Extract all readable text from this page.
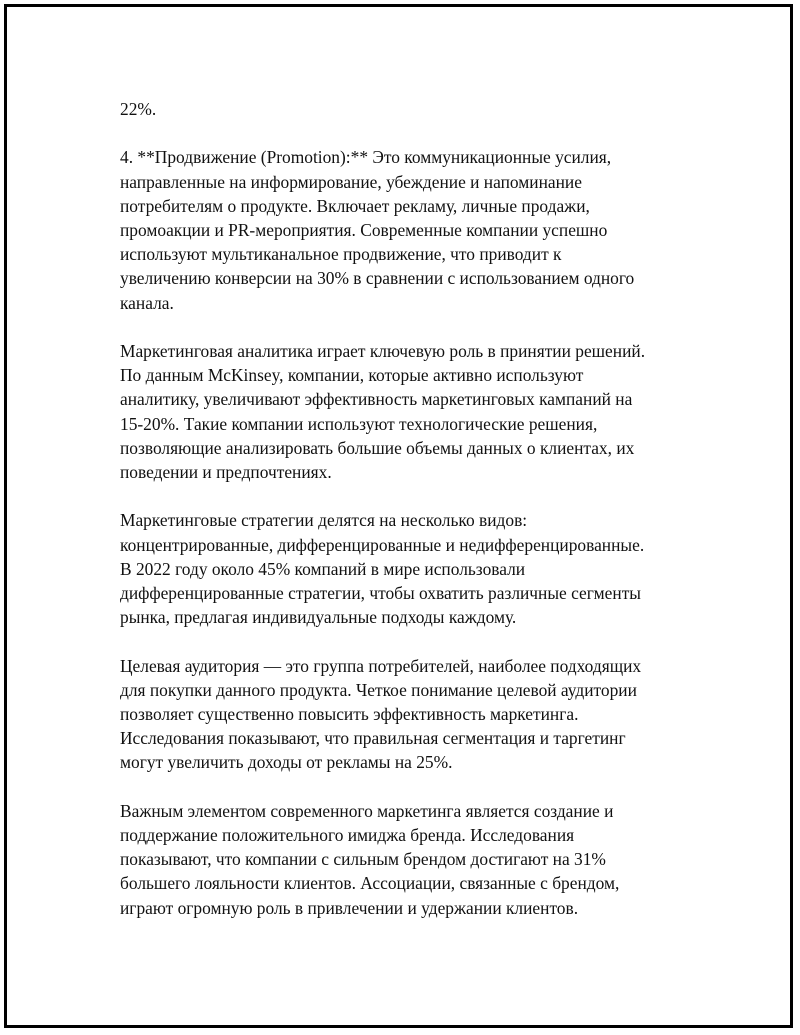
22%.

4. **Продвижение (Promotion):** Это коммуникационные усилия,
направленные на информирование, убеждение и напоминание
потребителям о продукте. Включает рекламу, личные продажи,
промоакции и PR-мероприятия. Современные компании успешно
используют мультиканальное продвижение, что приводит к
увеличению конверсии на 30% в сравнении с использованием одного
канала.

Маркетинговая аналитика играет ключевую роль в принятии решений.
По данным McKinsey, компании, которые активно используют
аналитику, увеличивают эффективность маркетинговых кампаний на
15-20%. Такие компании используют технологические решения,
позволяющие анализировать большие объемы данных о клиентах, их
поведении и предпочтениях.

Маркетинговые стратегии делятся на несколько видов:
концентрированные, дифференцированные и недифференцированные.
В 2022 году около 45% компаний в мире использовали
дифференцированные стратегии, чтобы охватить различные сегменты
рынка, предлагая индивидуальные подходы каждому.

Целевая аудитория — это группа потребителей, наиболее подходящих
для покупки данного продукта. Четкое понимание целевой аудитории
позволяет существенно повысить эффективность маркетинга.
Исследования показывают, что правильная сегментация и таргетинг
могут увеличить доходы от рекламы на 25%.

Важным элементом современного маркетинга является создание и
поддержание положительного имиджа бренда. Исследования
показывают, что компании с сильным брендом достигают на 31%
большего лояльности клиентов. Ассоциации, связанные с брендом,
играют огромную роль в привлечении и удержании клиентов.
